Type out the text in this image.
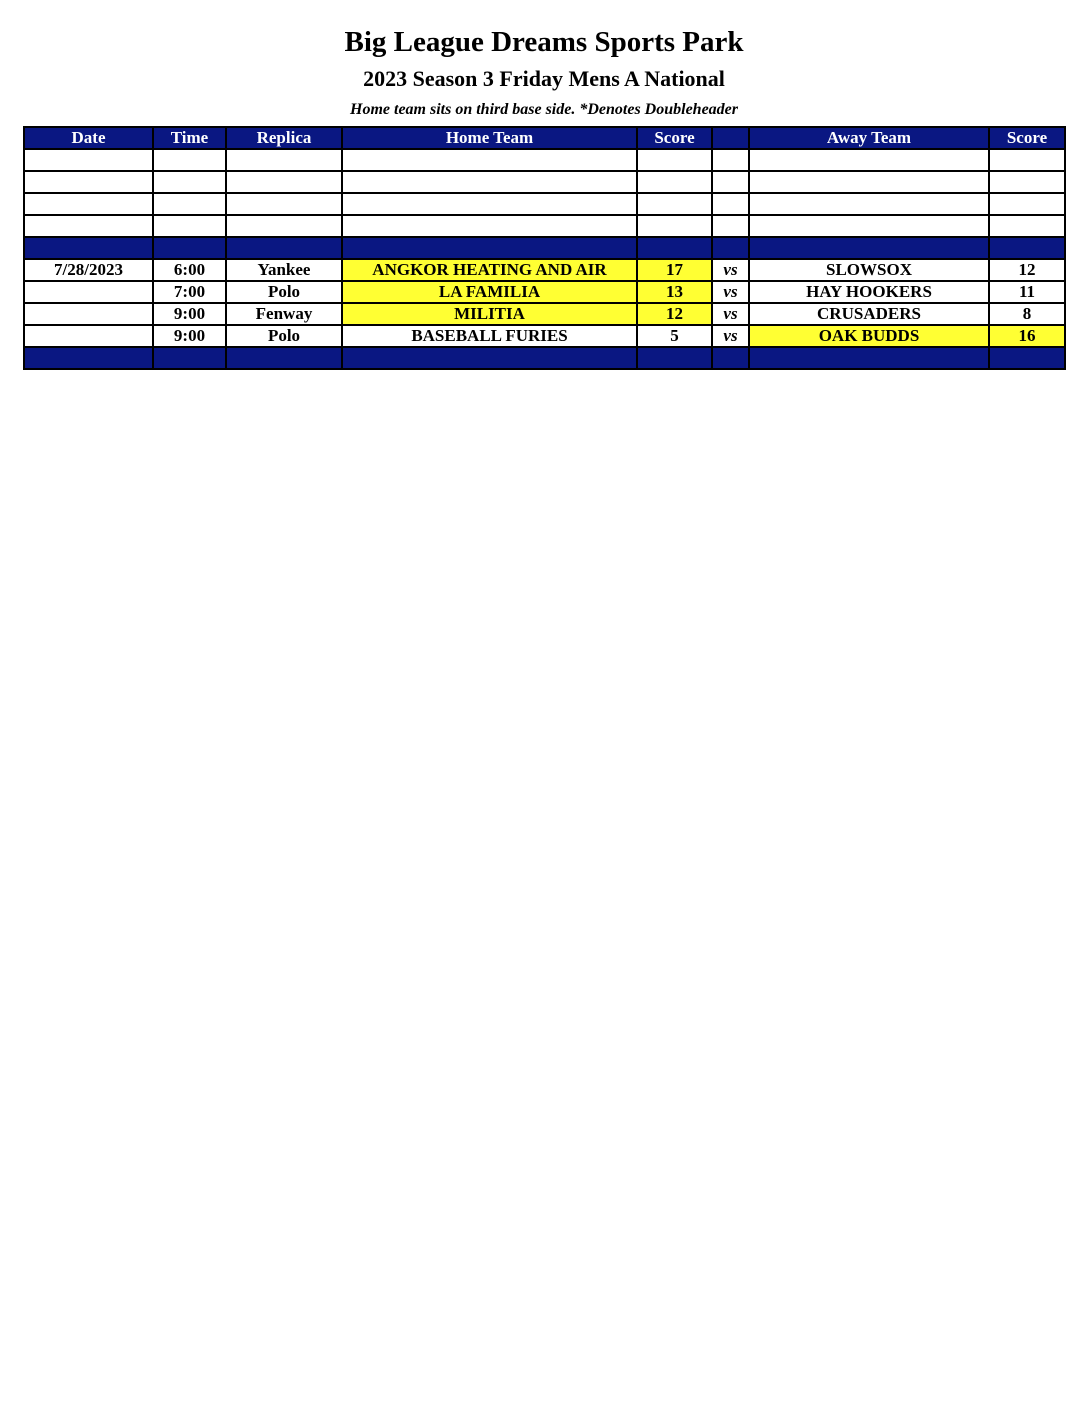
Big League Dreams Sports Park
2023 Season 3 Friday Mens A National
Home team sits on third base side. *Denotes Doubleheader
Date	Time	Replica	Home Team	Score		Away Team	Score

7/28/2023	6:00	Yankee	ANGKOR HEATING AND AIR	17	vs	SLOWSOX	12
	7:00	Polo	LA FAMILIA	13	vs	HAY HOOKERS	11
	9:00	Fenway	MILITIA	12	vs	CRUSADERS	8
	9:00	Polo	BASEBALL FURIES	5	vs	OAK BUDDS	16
